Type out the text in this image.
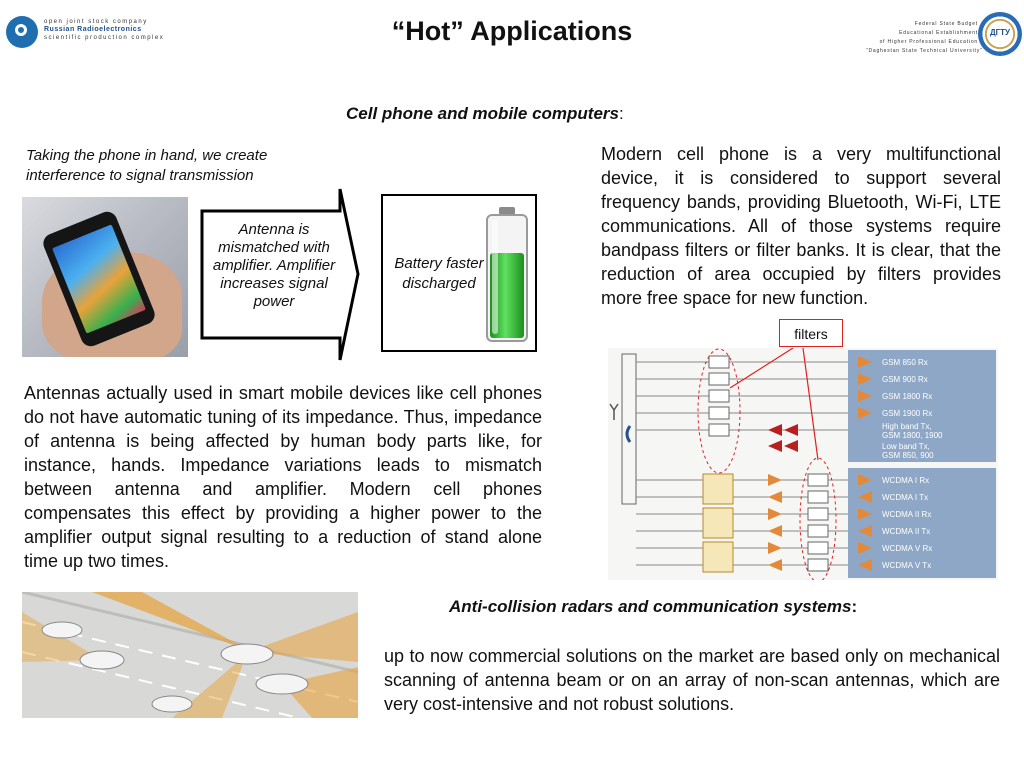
open joint stock company
Russian Radioelectronics
scientific production complex	“Hot” Applications	Federal State Budget
Educational Establishment
of Higher Professional Education
“Daghestan State Technical University”
ДГТУ
Cell phone and mobile computers:
Taking the phone in hand, we create interference to signal transmission
Antenna is mismatched with amplifier. Amplifier increases signal power
Battery faster discharged
Modern cell phone is a very multifunctional device, it is considered to support several frequency bands, providing Bluetooth, Wi-Fi, LTE communications. All of those systems require bandpass filters or filter banks. It is clear, that the reduction of area occupied by filters provides more free space for new function.
Antennas actually used in smart mobile devices like cell phones do not have automatic tuning of its impedance. Thus, impedance of antenna is being affected by human body parts like, for instance, hands. Impedance variations leads to mismatch between antenna and amplifier. Modern cell phones compensates this effect by providing a higher power to the amplifier output signal resulting to a reduction of stand alone time up two times.
GSM 850 Rx
GSM 900 Rx
GSM 1800 Rx
GSM 1900 Rx
High band Tx, GSM 1800, 1900
Low band Tx, GSM 850, 900
WCDMA I Rx
WCDMA I Tx
WCDMA II Rx
WCDMA II Tx
WCDMA V Rx
WCDMA V Tx
filters
Anti-collision radars and communication systems:
up to now commercial solutions on the market are based only on mechanical scanning of antenna beam or on an array of non-scan antennas, which are very cost-intensive and not robust solutions.
